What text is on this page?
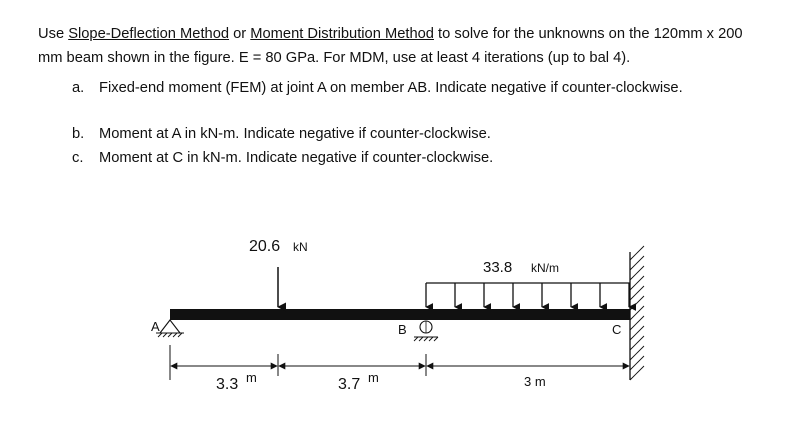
Use Slope-Deflection Method or Moment Distribution Method to solve for the unknowns on the 120mm x 200 mm beam shown in the figure. E = 80 GPa. For MDM, use at least 4 iterations (up to bal 4).
a.	Fixed-end moment (FEM) at joint A on member AB. Indicate negative if counter-clockwise.
b.	Moment at A in kN-m. Indicate negative if counter-clockwise.
c.	Moment at C in kN-m. Indicate negative if counter-clockwise.
20.6 kN
33.8 kN/m
A	B	C
3.3 m	3.7 m	3 m
